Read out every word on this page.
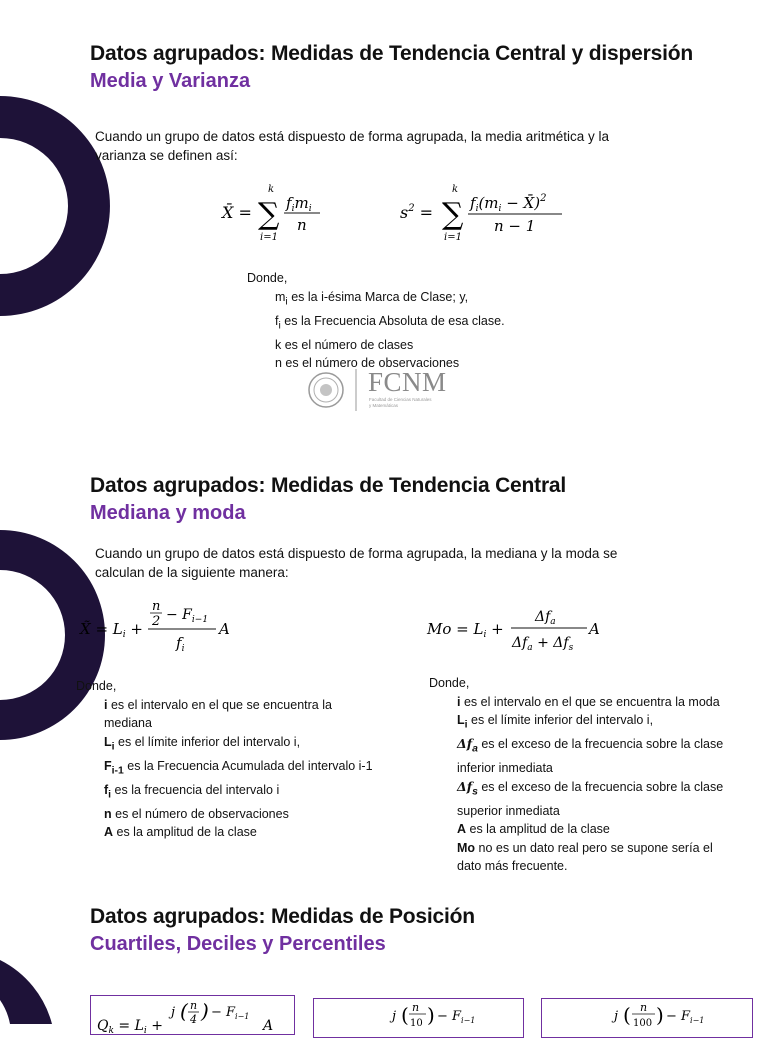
Datos agrupados: Medidas de Tendencia Central y dispersión
Media y Varianza
Cuando un grupo de datos está dispuesto de forma agrupada, la media aritmética y la
varianza se definen así:
X̄ =
k
∑
i=1
$f_im_i$
n
$s^2$ =
k
∑
i=1
$f_i(m_i$ − X̄)$^2$
n − 1
Donde,
$m_i$ es la i-ésima Marca de Clase; y,
$f_i$ es la Frecuencia Absoluta de esa clase.
k es el número de clases
n es el número de observaciones
FCNM
Facultad de Ciencias Naturales
y Matemáticas
Datos agrupados: Medidas de Tendencia Central
Mediana y moda
Cuando un grupo de datos está dispuesto de forma agrupada, la mediana y la moda se
calculan de la siguiente manera:
X̃ = $L_i$ +
n
$2 - F_{i-1}$
$f_i$
A	$Mo = L_i$ +
$\Delta f_a$
$\Delta f_a + \Delta f_s$
A
Donde,
i es el intervalo en el que se encuentra la
mediana
$L_i$ es el límite inferior del intervalo i,
$F_{i-1}$ es la Frecuencia Acumulada del intervalo i-1
$f_i$ es la frecuencia del intervalo i
n es el número de observaciones
A es la amplitud de la clase
Donde,
i es el intervalo en el que se encuentra la moda
$L_i$ es el límite inferior del intervalo i,
$\Delta f_a$ es el exceso de la frecuencia sobre la clase
inferior inmediata
$\Delta f_s$ es el exceso de la frecuencia sobre la clase
superior inmediata
A es la amplitud de la clase
Mo no es un dato real pero se supone sería el
dato más frecuente.
Datos agrupados: Medidas de Posición
Cuartiles, Deciles y Percentiles
$Q_k = L_i$ +
j ( n
4 ) − $F_{i-1}$
A
j ( n
10 ) − $F_{i-1}$	j ( n
100 ) − $F_{i-1}$
